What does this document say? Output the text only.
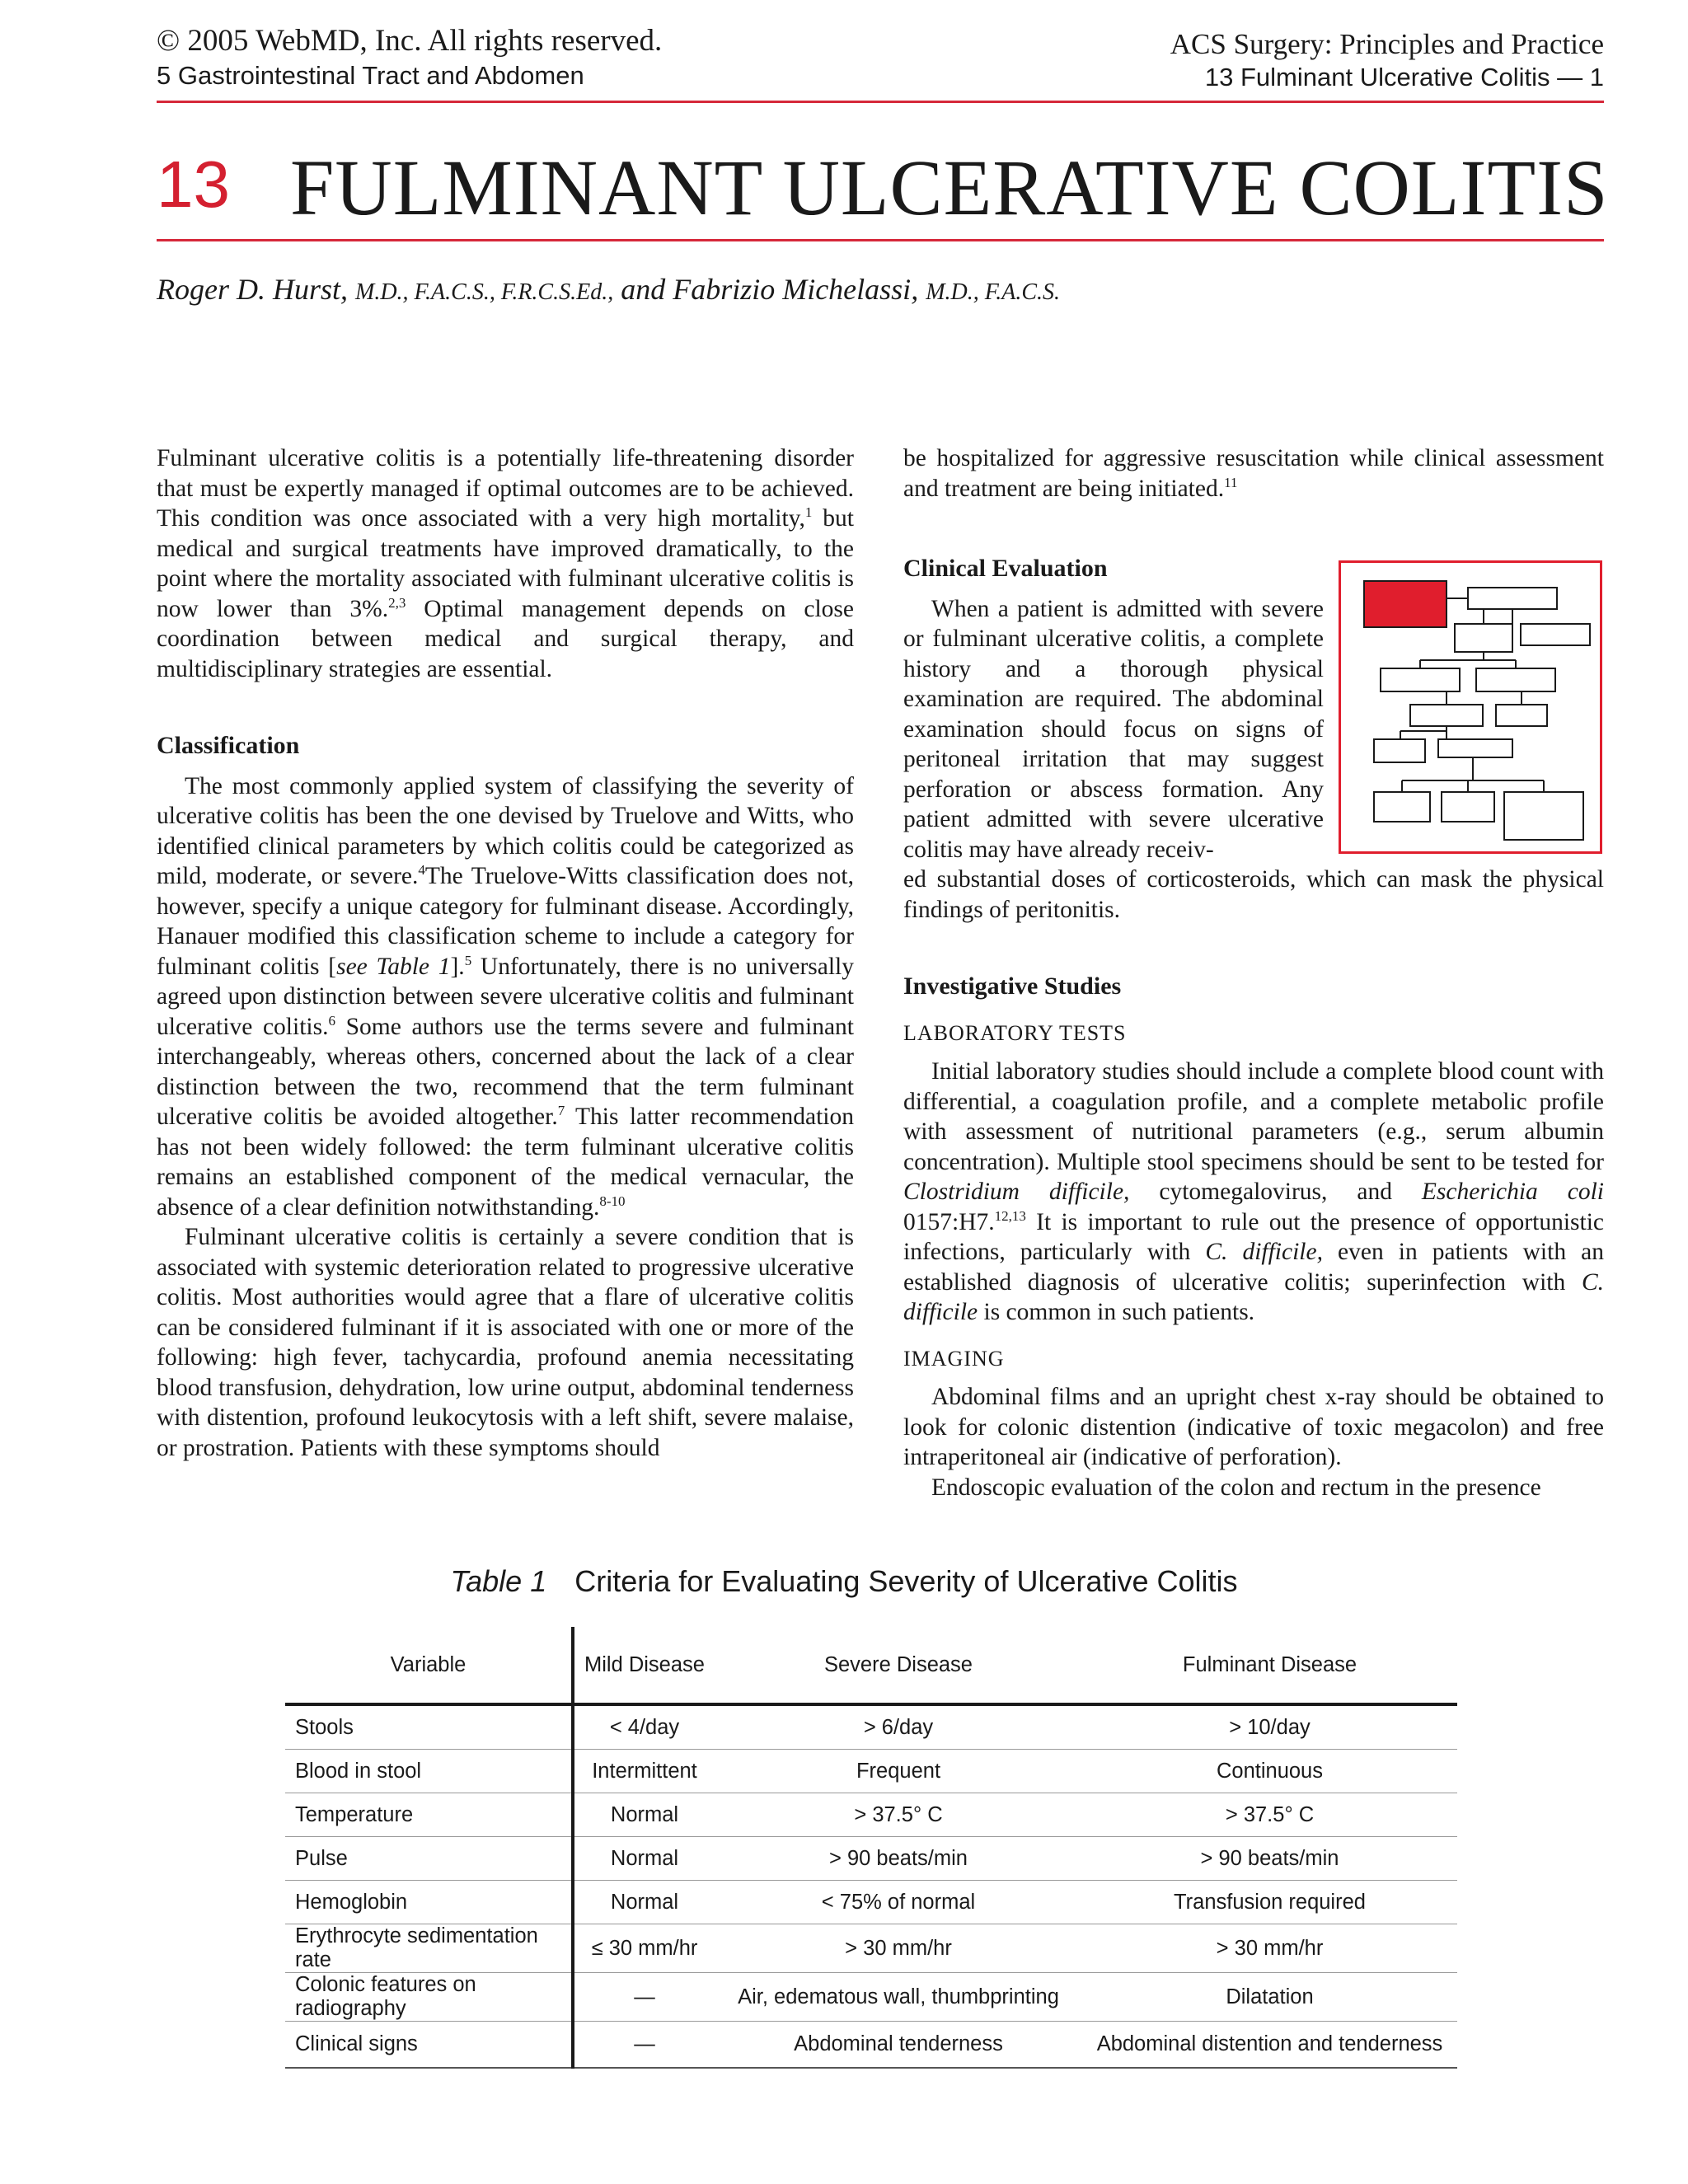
© 2005 WebMD, Inc. All rights reserved.
5 Gastrointestinal Tract and Abdomen
ACS Surgery: Principles and Practice
13 Fulminant Ulcerative Colitis — 1
13 FULMINANT ULCERATIVE COLITIS
Roger D. Hurst, M.D., F.A.C.S., F.R.C.S.Ed., and Fabrizio Michelassi, M.D., F.A.C.S.

Fulminant ulcerative colitis is a potentially life-threatening disorder that must be expertly managed if optimal outcomes are to be achieved. This condition was once associated with a very high mortality,$^1$ but medical and surgical treatments have improved dramatically, to the point where the mortality associated with fulminant ulcerative colitis is now lower than 3%.$^{2,3}$ Optimal management depends on close coordination between medical and surgical therapy, and multidisciplinary strategies are essential.

Classification

The most commonly applied system of classifying the severity of ulcerative colitis has been the one devised by Truelove and Witts, who identified clinical parameters by which colitis could be categorized as mild, moderate, or severe.$^4$The Truelove-Witts classification does not, however, specify a unique category for fulminant disease. Accordingly, Hanauer modified this classification scheme to include a category for fulminant colitis [see Table 1].$^5$ Unfortunately, there is no universally agreed upon distinction between severe ulcerative colitis and fulminant ulcerative colitis.$^6$ Some authors use the terms severe and fulminant interchangeably, whereas others, concerned about the lack of a clear distinction between the two, recommend that the term fulminant ulcerative colitis be avoided altogether.$^7$ This latter recommendation has not been widely followed: the term fulminant ulcerative colitis remains an established component of the medical vernacular, the absence of a clear definition notwithstanding.$^{8-10}$

Fulminant ulcerative colitis is certainly a severe condition that is associated with systemic deterioration related to progressive ulcerative colitis. Most authorities would agree that a flare of ulcerative colitis can be considered fulminant if it is associated with one or more of the following: high fever, tachycardia, profound anemia necessitating blood transfusion, dehydration, low urine output, abdominal tenderness with distention, profound leukocytosis with a left shift, severe malaise, or prostration. Patients with these symptoms should

be hospitalized for aggressive resuscitation while clinical assessment and treatment are being initiated.$^{11}$

Clinical Evaluation

When a patient is admitted with severe or fulminant ulcerative colitis, a complete history and a thorough physical examination are required. The abdominal examination should focus on signs of peritoneal irritation that may suggest perforation or abscess formation. Any patient admitted with severe ulcerative colitis may have already receiv-

ed substantial doses of corticosteroids, which can mask the physical findings of peritonitis.

Investigative Studies
LABORATORY TESTS

Initial laboratory studies should include a complete blood count with differential, a coagulation profile, and a complete metabolic profile with assessment of nutritional parameters (e.g., serum albumin concentration). Multiple stool specimens should be sent to be tested for Clostridium difficile, cytomegalovirus, and Escherichia coli 0157:H7.$^{12,13}$ It is important to rule out the presence of opportunistic infections, particularly with C. difficile, even in patients with an established diagnosis of ulcerative colitis; superinfection with C. difficile is common in such patients.

IMAGING

Abdominal films and an upright chest x-ray should be obtained to look for colonic distention (indicative of toxic megacolon) and free intraperitoneal air (indicative of perforation).

Endoscopic evaluation of the colon and rectum in the presence

Table 1 Criteria for Evaluating Severity of Ulcerative Colitis
Variable	Mild Disease	Severe Disease	Fulminant Disease
Stools	< 4/day	> 6/day	> 10/day
Blood in stool	Intermittent	Frequent	Continuous
Temperature	Normal	> 37.5° C	> 37.5° C
Pulse	Normal	> 90 beats/min	> 90 beats/min
Hemoglobin	Normal	< 75% of normal	Transfusion required
Erythrocyte sedimentation rate	≤ 30 mm/hr	> 30 mm/hr	> 30 mm/hr
Colonic features on radiography	—	Air, edematous wall, thumbprinting	Dilatation
Clinical signs	—	Abdominal tenderness	Abdominal distention and tenderness
